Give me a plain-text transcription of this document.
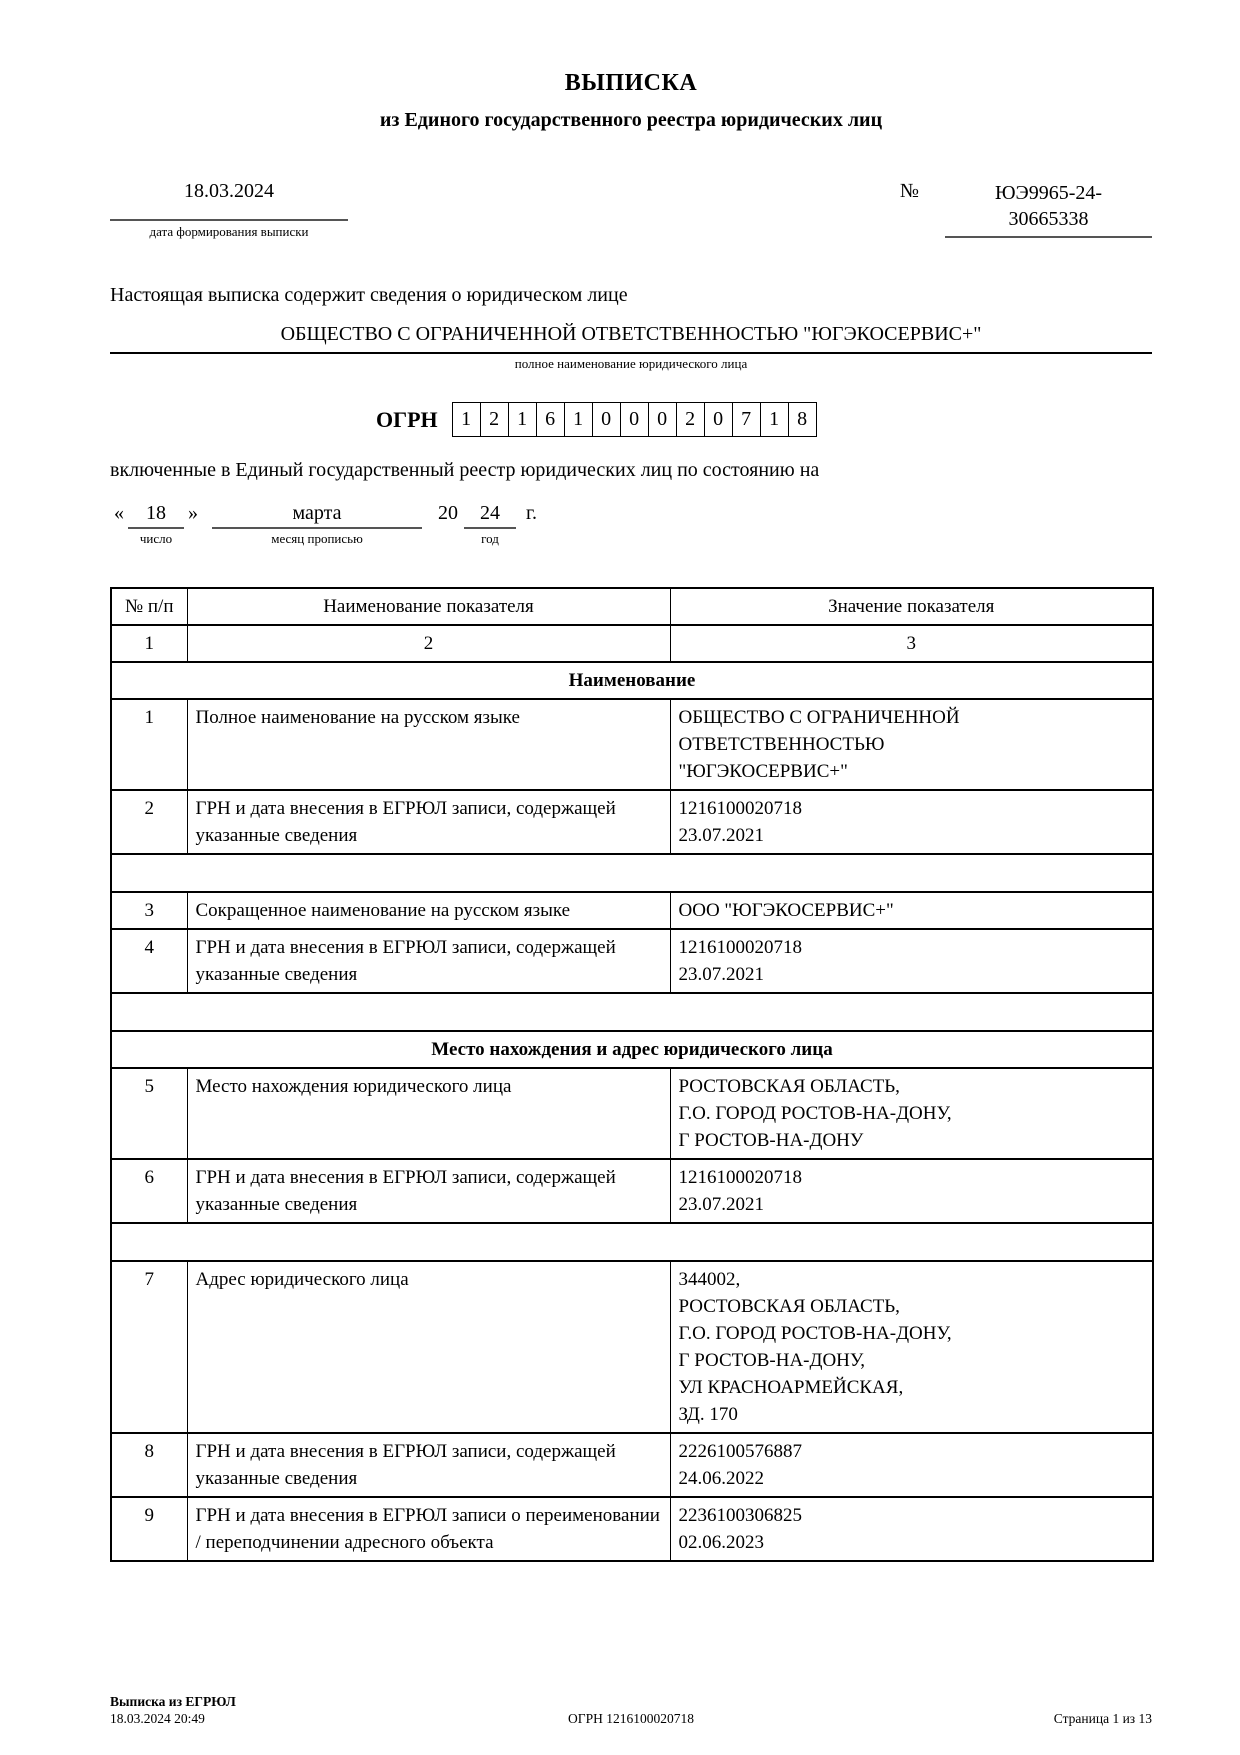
ВЫПИСКА
из Единого государственного реестра юридических лиц
18.03.2024
дата формирования выписки
№	ЮЭ9965-24-
30665338

Настоящая выписка содержит сведения о юридическом лице

ОБЩЕСТВО С ОГРАНИЧЕННОЙ ОТВЕТСТВЕННОСТЬЮ "ЮГЭКОСЕРВИС+"
полное наименование юридического лица
ОГРН	1 2 1 6 1 0 0 0 2 0 7 1 8

включенные в Единый государственный реестр юридических лиц по состоянию на

«	18
число
»	марта
месяц прописью
20	24
год
г.
№ п/п	Наименование показателя	Значение показателя
1	2	3
Наименование		
1	Полное наименование на русском языке	ОБЩЕСТВО С ОГРАНИЧЕННОЙ
ОТВЕТСТВЕННОСТЬЮ
"ЮГЭКОСЕРВИС+"

2	ГРН и дата внесения в ЕГРЮЛ записи, содержащей указанные сведения	1216100020718
23.07.2021

3	Сокращенное наименование на русском языке	ООО "ЮГЭКОСЕРВИС+"

4	ГРН и дата внесения в ЕГРЮЛ записи, содержащей указанные сведения	1216100020718
23.07.2021

Место нахождения и адрес юридического лица		
5	Место нахождения юридического лица	РОСТОВСКАЯ ОБЛАСТЬ,
Г.О. ГОРОД РОСТОВ-НА-ДОНУ,
Г РОСТОВ-НА-ДОНУ

6	ГРН и дата внесения в ЕГРЮЛ записи, содержащей указанные сведения	1216100020718
23.07.2021

7	Адрес юридического лица	344002,
РОСТОВСКАЯ ОБЛАСТЬ,
Г.О. ГОРОД РОСТОВ-НА-ДОНУ,
Г РОСТОВ-НА-ДОНУ,
УЛ КРАСНОАРМЕЙСКАЯ,
ЗД. 170

8	ГРН и дата внесения в ЕГРЮЛ записи, содержащей указанные сведения	2226100576887
24.06.2022

9	ГРН и дата внесения в ЕГРЮЛ записи о переименовании / переподчинении адресного объекта	2236100306825
02.06.2023
Выписка из ЕГРЮЛ
18.03.2024 20:49	ОГРН 1216100020718	Страница 1 из 13
